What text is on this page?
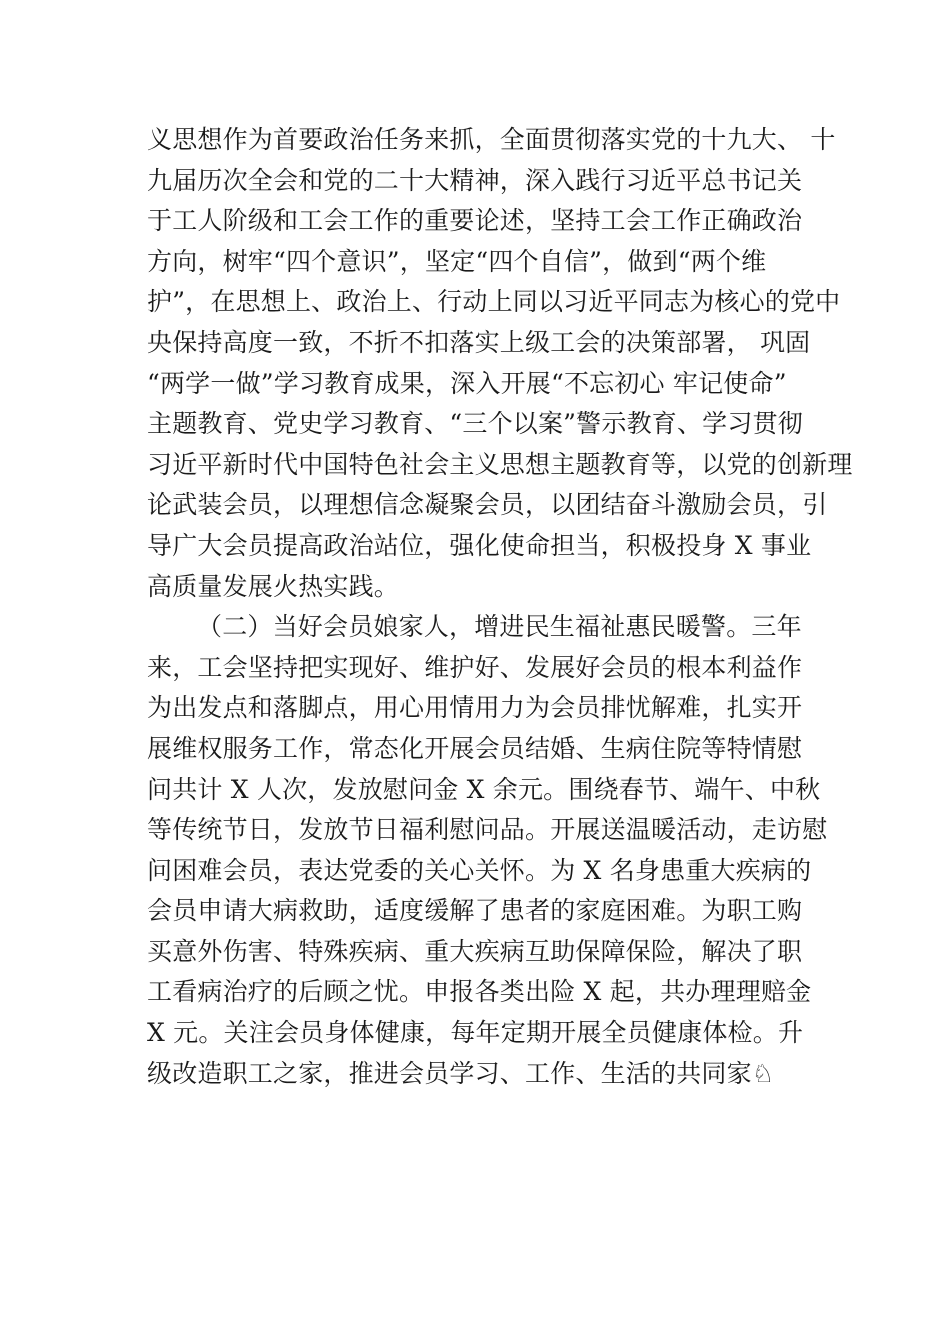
义思想作为首要政治任务来抓，全面贯彻落实党的十九大、 十
九届历次全会和党的二十大精神，深入践行习近平总书记关
于工人阶级和工会工作的重要论述，坚持工会工作正确政治
方向，树牢“四个意识”，坚定“四个自信”，做到“两个维
护”，在思想上、政治上、行动上同以习近平同志为核心的党中
央保持高度一致，不折不扣落实上级工会的决策部署， 巩固
“两学一做”学习教育成果，深入开展“不忘初心 牢记使命”
主题教育、党史学习教育、“三个以案”警示教育、学习贯彻
习近平新时代中国特色社会主义思想主题教育等，以党的创新理
论武装会员，以理想信念凝聚会员，以团结奋斗激励会员，引
导广大会员提高政治站位，强化使命担当，积极投身 X 事业
高质量发展火热实践。
（二）当好会员娘家人，增进民生福祉惠民暖警。三年
来，工会坚持把实现好、维护好、发展好会员的根本利益作
为出发点和落脚点，用心用情用力为会员排忧解难，扎实开
展维权服务工作，常态化开展会员结婚、生病住院等特情慰
问共计 X 人次，发放慰问金 X 余元。围绕春节、端午、中秋
等传统节日，发放节日福利慰问品。开展送温暖活动，走访慰
问困难会员，表达党委的关心关怀。为 X 名身患重大疾病的
会员申请大病救助，适度缓解了患者的家庭困难。为职工购
买意外伤害、特殊疾病、重大疾病互助保障保险，解决了职
工看病治疗的后顾之忧。申报各类出险 X 起，共办理理赔金
X 元。关注会员身体健康，每年定期开展全员健康体检。升
级改造职工之家，推进会员学习、工作、生活的共同家♘
